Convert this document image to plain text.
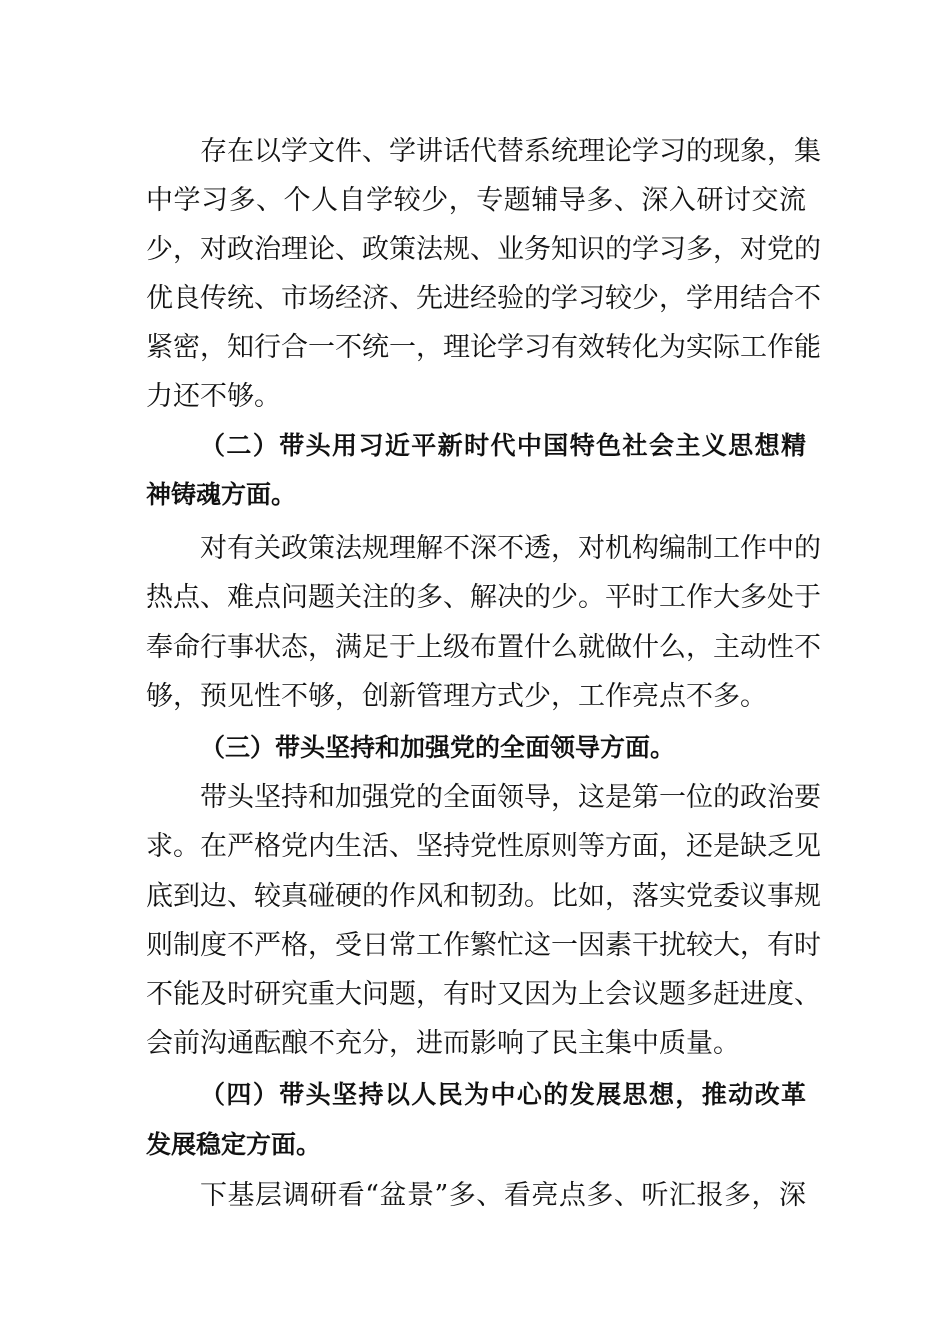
存在以学文件、学讲话代替系统理论学习的现象，集
中学习多、个人自学较少，专题辅导多、深入研讨交流
少，对政治理论、政策法规、业务知识的学习多，对党的
优良传统、市场经济、先进经验的学习较少，学用结合不
紧密，知行合一不统一，理论学习有效转化为实际工作能
力还不够。
（二）带头用习近平新时代中国特色社会主义思想精
神铸魂方面。
对有关政策法规理解不深不透，对机构编制工作中的
热点、难点问题关注的多、解决的少。平时工作大多处于
奉命行事状态，满足于上级布置什么就做什么，主动性不
够，预见性不够，创新管理方式少，工作亮点不多。
（三）带头坚持和加强党的全面领导方面。
带头坚持和加强党的全面领导，这是第一位的政治要
求。在严格党内生活、坚持党性原则等方面，还是缺乏见
底到边、较真碰硬的作风和韧劲。比如，落实党委议事规
则制度不严格，受日常工作繁忙这一因素干扰较大，有时
不能及时研究重大问题，有时又因为上会议题多赶进度、
会前沟通酝酿不充分，进而影响了民主集中质量。
（四）带头坚持以人民为中心的发展思想，推动改革
发展稳定方面。
下基层调研看“盆景”多、看亮点多、听汇报多，深
